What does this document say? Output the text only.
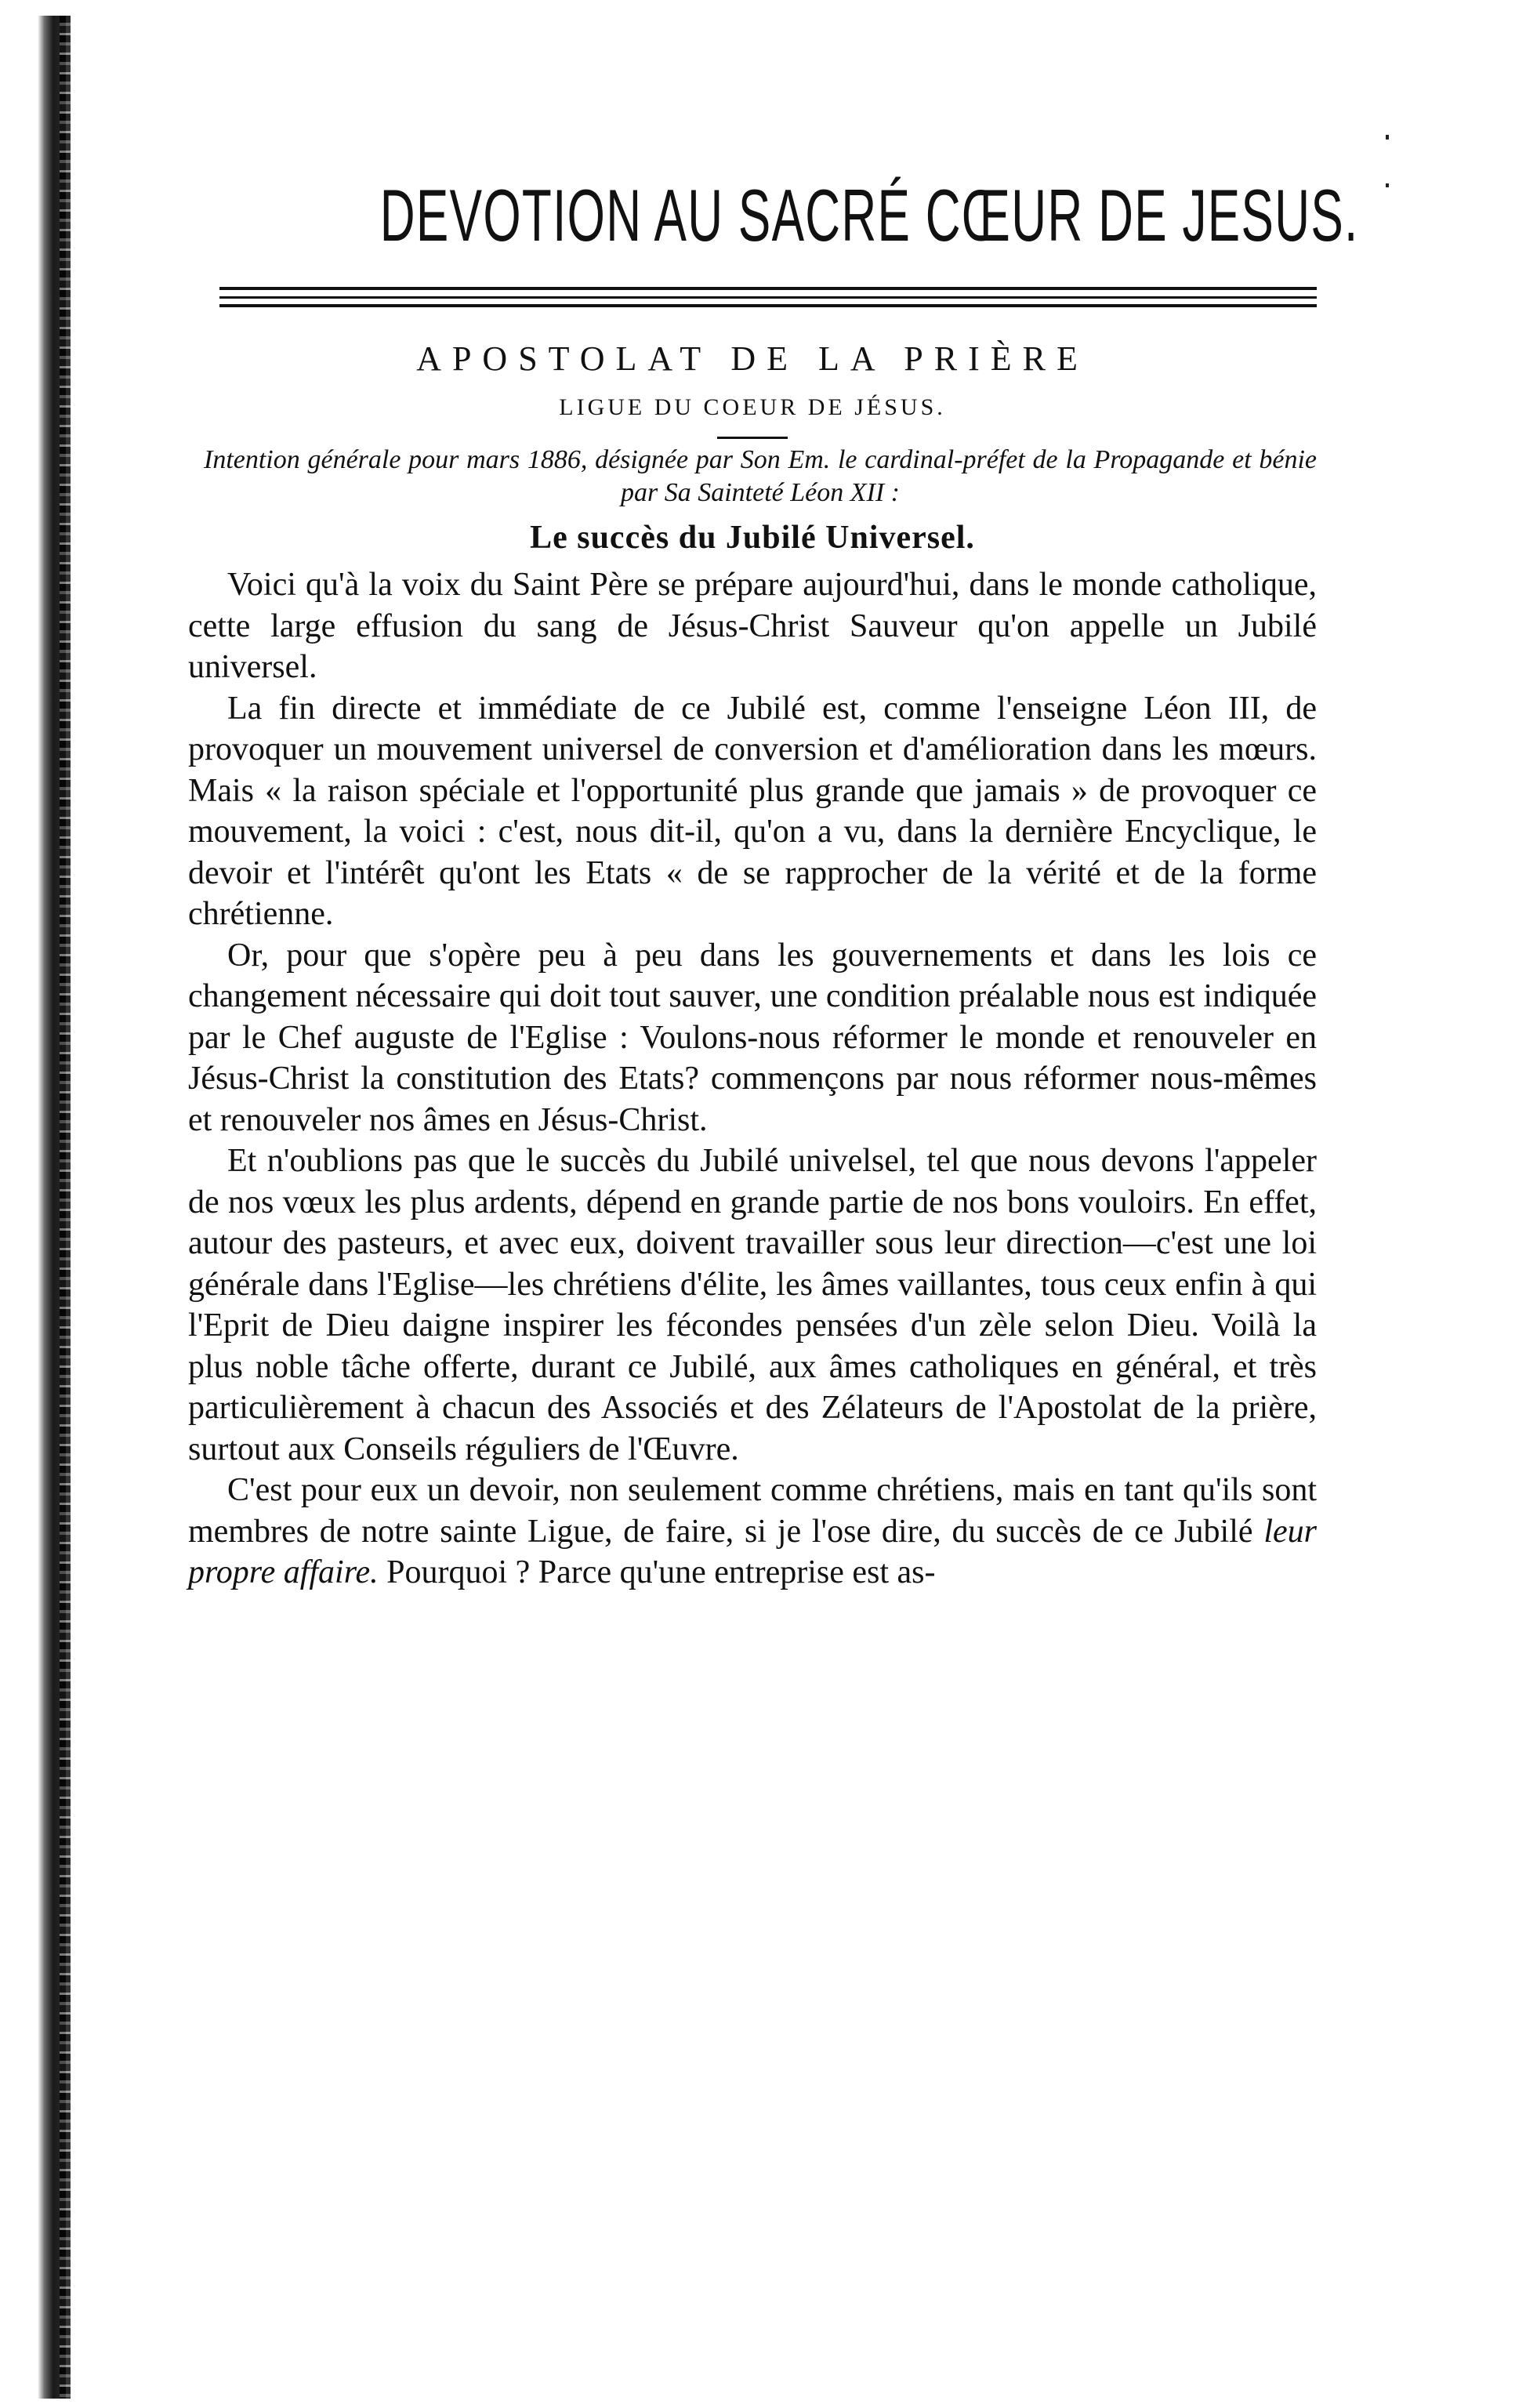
DEVOTION AU SACRÉ CŒUR DE JESUS.
APOSTOLAT DE LA PRIÈRE
LIGUE DU COEUR DE JÉSUS.

Intention générale pour mars 1886, désignée par Son Em. le cardinal-préfet de la Propagande et bénie par Sa Sainteté Léon XII :

Le succès du Jubilé Universel.

Voici qu'à la voix du Saint Père se prépare aujourd'hui, dans le monde catholique, cette large effusion du sang de Jésus-Christ Sauveur qu'on appelle un Jubilé universel.

La fin directe et immédiate de ce Jubilé est, comme l'enseigne Léon III, de provoquer un mouvement universel de conversion et d'amélioration dans les mœurs. Mais « la raison spéciale et l'opportunité plus grande que jamais » de provoquer ce mouvement, la voici : c'est, nous dit-il, qu'on a vu, dans la dernière Encyclique, le devoir et l'intérêt qu'ont les Etats « de se rapprocher de la vérité et de la forme chrétienne.

Or, pour que s'opère peu à peu dans les gouvernements et dans les lois ce changement nécessaire qui doit tout sauver, une condition préalable nous est indiquée par le Chef auguste de l'Eglise : Voulons-nous réformer le monde et renouveler en Jésus-Christ la constitution des Etats? commençons par nous réformer nous-mêmes et renouveler nos âmes en Jésus-Christ.

Et n'oublions pas que le succès du Jubilé univelsel, tel que nous devons l'appeler de nos vœux les plus ardents, dépend en grande partie de nos bons vouloirs. En effet, autour des pasteurs, et avec eux, doivent travailler sous leur direction—c'est une loi générale dans l'Eglise—les chrétiens d'élite, les âmes vaillantes, tous ceux enfin à qui l'Eprit de Dieu daigne inspirer les fécondes pensées d'un zèle selon Dieu. Voilà la plus noble tâche offerte, durant ce Jubilé, aux âmes catholiques en général, et très particulièrement à chacun des Associés et des Zélateurs de l'Apostolat de la prière, surtout aux Conseils réguliers de l'Œuvre.

C'est pour eux un devoir, non seulement comme chrétiens, mais en tant qu'ils sont membres de notre sainte Ligue, de faire, si je l'ose dire, du succès de ce Jubilé leur propre affaire. Pourquoi ? Parce qu'une entreprise est as-
